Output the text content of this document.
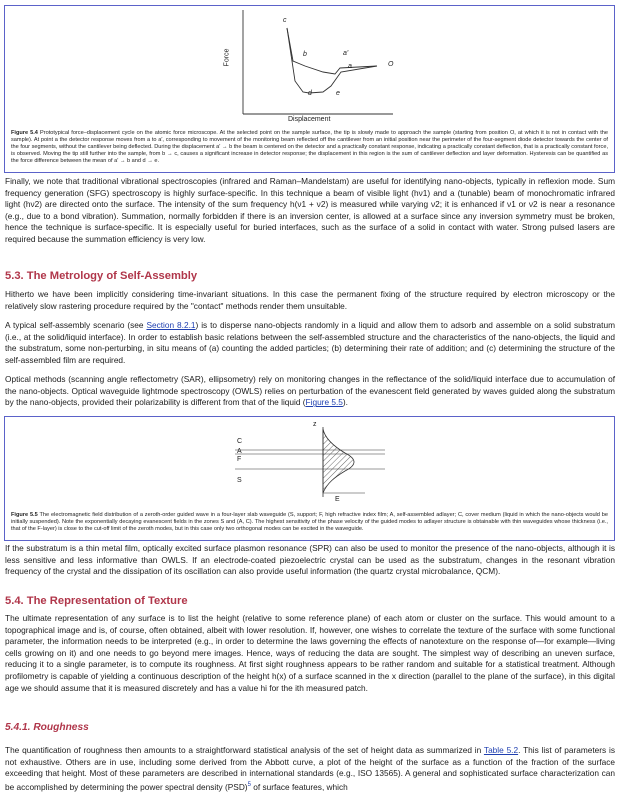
Force
c
b	a'
a	O
d	e
Displacement

Figure 5.4 Prototypical force–displacement cycle on the atomic force microscope. At the selected point on the sample surface, the tip is slowly made to approach the sample (starting from position O, at which it is not in contact with the sample). At point a the detector response moves from a to a′, corresponding to movement of the monitoring beam reflected off the cantilever from an initial position near the perimeter of the four-segment diode detector towards the center of the four segments, without the cantilever being deflected. During the displacement a′ → b the beam is centered on the detector and a practically constant response, indicating a practically constant deflection, that is a practically constant force, is observed. Moving the tip still further into the sample, from b → c, causes a significant increase in detector response; the displacement in this region is the sum of cantilever deflection and layer deformation. Hysteresis can be quantified as the force difference between the mean of a′ → b and d → e.

Finally, we note that traditional vibrational spectroscopies (infrared and Raman–Mandelstam) are useful for identifying nano-objects, typically in reflexion mode. Sum frequency generation (SFG) spectroscopy is highly surface-specific. In this technique a beam of visible light (hν1) and a (tunable) beam of monochromatic infrared light (hν2) are directed onto the surface. The intensity of the sum frequency h(ν1 + ν2) is measured while varying ν2; it is enhanced if ν1 or ν2 is near a resonance (e.g., due to a bond vibration). Summation, normally forbidden if there is an inversion center, is allowed at a surface since any inversion symmetry must be broken, hence the technique is surface-specific. It is especially useful for buried interfaces, such as the surface of a solid in contact with water. Strong pulsed lasers are required because the summation efficiency is very low.

5.3. The Metrology of Self-Assembly

Hitherto we have been implicitly considering time-invariant situations. In this case the permanent fixing of the structure required by electron microscopy or the relatively slow rastering procedure required by the "contact" methods render them unsuitable.

A typical self-assembly scenario (see Section 8.2.1) is to disperse nano-objects randomly in a liquid and allow them to adsorb and assemble on a solid substratum (i.e., at the solid/liquid interface). In order to establish basic relations between the self-assembled structure and the characteristics of the nano-objects, the liquid and the substratum, some non-perturbing, in situ means of (a) counting the added particles; (b) determining their rate of addition; and (c) determining the structure of the self-assembled film are required.

Optical methods (scanning angle reflectometry (SAR), ellipsometry) rely on monitoring changes in the reflectance of the solid/liquid interface due to accumulation of the nano-objects. Optical waveguide lightmode spectroscopy (OWLS) relies on perturbation of the evanescent field generated by waves guided along the substratum by the nano-objects, provided their polarizability is different from that of the liquid (Figure 5.5).

z
C
A
F
S
E

Figure 5.5 The electromagnetic field distribution of a zeroth-order guided wave in a four-layer slab waveguide (S, support; F, high refractive index film; A, self-assembled adlayer; C, cover medium (liquid in which the nano-objects would be initially suspended). Note the exponentially decaying evanescent fields in the zones S and (A, C). The highest sensitivity of the phase velocity of the guided modes to adlayer structure is obtainable with thin waveguides whose thickness (i.e., that of the F-layer) is close to the cut-off limit of the zeroth modes, but in this case only two orthogonal modes can be excited in the waveguide.

If the substratum is a thin metal film, optically excited surface plasmon resonance (SPR) can also be used to monitor the presence of the nano-objects, although it is less sensitive and less informative than OWLS. If an electrode-coated piezoelectric crystal can be used as the substratum, changes in the resonant vibration frequency of the crystal and the dissipation of its oscillation can also provide useful information (the quartz crystal microbalance, QCM).

5.4. The Representation of Texture

The ultimate representation of any surface is to list the height (relative to some reference plane) of each atom or cluster on the surface. This would amount to a topographical image and is, of course, often obtained, albeit with lower resolution. If, however, one wishes to correlate the texture of the surface with some functional parameter, the information needs to be interpreted (e.g., in order to determine the laws governing the effects of nanotexture on the response of—for example—living cells growing on it) and one needs to go beyond mere images. Hence, ways of reducing the data are sought. The simplest way of describing an uneven surface, reducing it to a single parameter, is to compute its roughness. At first sight roughness appears to be rather random and suitable for a statistical treatment. Although profilometry is capable of yielding a continuous description of the height h(x) of a surface scanned in the x direction (parallel to the plane of the surface), in this digital age we should assume that it is measured discretely and has a value hi for the ith measured patch.

5.4.1. Roughness

The quantification of roughness then amounts to a straightforward statistical analysis of the set of height data as summarized in Table 5.2. This list of parameters is not exhaustive. Others are in use, including some derived from the Abbott curve, a plot of the height of the surface as a function of the fraction of the surface exceeding that height. Most of these parameters are described in international standards (e.g., ISO 13565). A general and sophisticated surface characterization can be accomplished by determining the power spectral density (PSD)$^5$ of surface features, which
